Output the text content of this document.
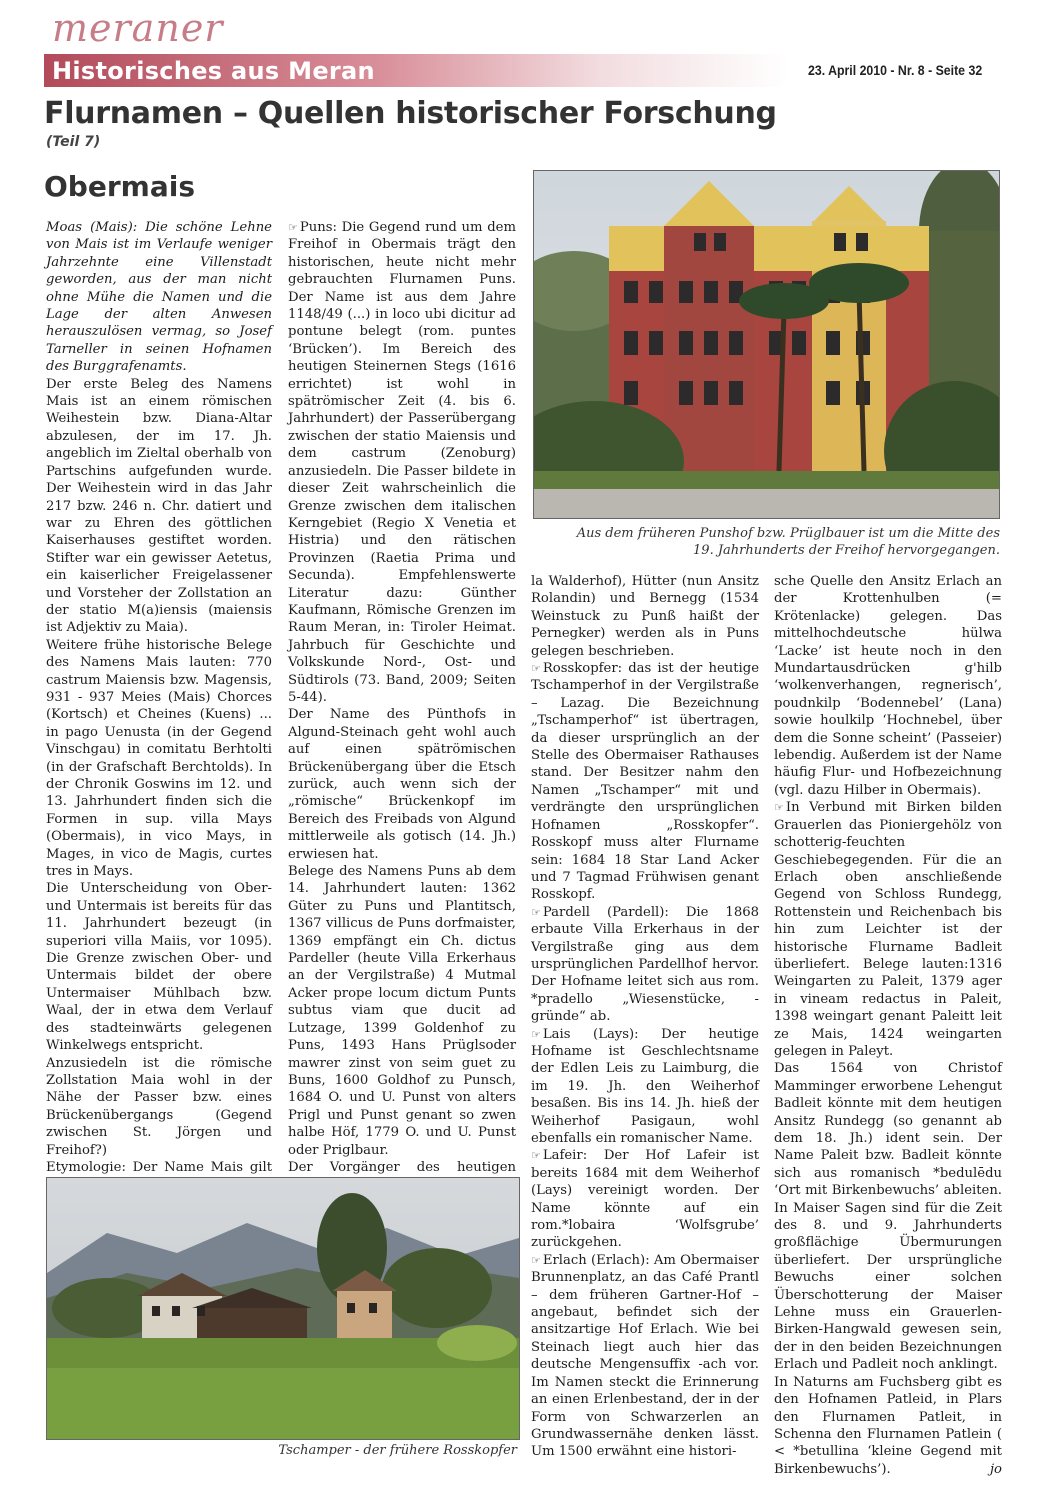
meraner
Historisches aus Meran	23. April 2010 - Nr. 8 - Seite 32
Flurnamen – Quellen historischer Forschung
(Teil 7)
Obermais

Moas (Mais): Die schöne Lehne von Mais ist im Verlaufe weniger Jahrzehnte eine Villenstadt geworden, aus der man nicht ohne Mühe die Namen und die Lage der alten Anwesen herauszulösen vermag, so Josef Tarneller in seinen Hofnamen des Burggrafenamts.

Der erste Beleg des Namens Mais ist an einem römischen Weihestein bzw. Diana-Altar abzulesen, der im 17. Jh. angeblich im Zieltal oberhalb von Partschins aufgefunden wurde. Der Weihestein wird in das Jahr 217 bzw. 246 n. Chr. datiert und war zu Ehren des göttlichen Kaiserhauses gestiftet worden. Stifter war ein gewisser Aetetus, ein kaiserlicher Freigelassener und Vorsteher der Zollstation an der statio M(a)iensis (maiensis ist Adjektiv zu Maia).

Weitere frühe historische Belege des Namens Mais lauten: 770 castrum Maiensis bzw. Magensis, 931 - 937 Meies (Mais) Chorces (Kortsch) et Cheines (Kuens) ... in pago Uenusta (in der Gegend Vinschgau) in comitatu Berhtolti (in der Grafschaft Berchtolds). In der Chronik Goswins im 12. und 13. Jahrhundert finden sich die Formen in sup. villa Mays (Obermais), in vico Mays, in Mages, in vico de Magis, curtes tres in Mays.

Die Unterscheidung von Ober- und Untermais ist bereits für das 11. Jahrhundert bezeugt (in superiori villa Maiis, vor 1095). Die Grenze zwischen Ober- und Untermais bildet der obere Untermaiser Mühlbach bzw. Waal, der in etwa dem Verlauf des stadteinwärts gelegenen Winkelwegs entspricht.

Anzusiedeln ist die römische Zollstation Maia wohl in der Nähe der Passer bzw. eines Brückenübergangs (Gegend zwischen St. Jörgen und Freihof?)

Etymologie: Der Name Mais gilt

☞ Puns: Die Gegend rund um dem Freihof in Obermais trägt den historischen, heute nicht mehr gebrauchten Flurnamen Puns. Der Name ist aus dem Jahre 1148/49 (...) in loco ubi dicitur ad pontune belegt (rom. puntes ‘Brücken’). Im Bereich des heutigen Steinernen Stegs (1616 errichtet) ist wohl in spätrömischer Zeit (4. bis 6. Jahrhundert) der Passerübergang zwischen der statio Maiensis und dem castrum (Zenoburg) anzusiedeln. Die Passer bildete in dieser Zeit wahrscheinlich die Grenze zwischen dem italischen Kerngebiet (Regio X Venetia et Histria) und den rätischen Provinzen (Raetia Prima und Secunda). Empfehlenswerte Literatur dazu: Günther Kaufmann, Römische Grenzen im Raum Meran, in: Tiroler Heimat. Jahrbuch für Geschichte und Volkskunde Nord-, Ost- und Südtirols (73. Band, 2009; Seiten 5-44).

Der Name des Pünthofs in Algund-Steinach geht wohl auch auf einen spätrömischen Brückenübergang über die Etsch zurück, auch wenn sich der „römische“ Brückenkopf im Bereich des Freibads von Algund mittlerweile als gotisch (14. Jh.) erwiesen hat.

Belege des Namens Puns ab dem 14. Jahrhundert lauten: 1362 Güter zu Puns und Plantitsch, 1367 villicus de Puns dorfmaister, 1369 empfängt ein Ch. dictus Pardeller (heute Villa Erkerhaus an der Vergilstraße) 4 Mutmal Acker prope locum dictum Punts subtus viam que ducit ad Lutzage, 1399 Goldenhof zu Puns, 1493 Hans Prüglsoder mawrer zinst von seim guet zu Buns, 1600 Goldhof zu Punsch, 1684 O. und U. Punst von alters Prigl und Punst genant so zwen halbe Höf, 1779 O. und U. Punst oder Priglbaur.

Der Vorgänger des heutigen

Aus dem früheren Punshof bzw. Prüglbauer ist um die Mitte des 19. Jahrhunderts der Freihof hervorgegangen.

la Walderhof), Hütter (nun Ansitz Rolandin) und Bernegg (1534 Weinstuck zu Punß haißt der Pernegker) werden als in Puns gelegen beschrieben.

☞ Rosskopfer: das ist der heutige Tschamperhof in der Vergilstraße – Lazag. Die Bezeichnung „Tschamperhof“ ist übertragen, da dieser ursprünglich an der Stelle des Obermaiser Rathauses stand. Der Besitzer nahm den Namen „Tschamper“ mit und verdrängte den ursprünglichen Hofnamen „Rosskopfer“. Rosskopf muss alter Flurname sein: 1684 18 Star Land Acker und 7 Tagmad Frühwisen genant Rosskopf.

☞ Pardell (Pardell): Die 1868 erbaute Villa Erkerhaus in der Vergilstraße ging aus dem ursprünglichen Pardellhof hervor. Der Hofname leitet sich aus rom. *pradello „Wiesenstücke, -gründe“ ab.

☞ Lais (Lays): Der heutige Hofname ist Geschlechtsname der Edlen Leis zu Laimburg, die im 19. Jh. den Weiherhof besaßen. Bis ins 14. Jh. hieß der Weiherhof Pasigaun, wohl ebenfalls ein romanischer Name.

☞ Lafeir: Der Hof Lafeir ist bereits 1684 mit dem Weiherhof (Lays) vereinigt worden. Der Name könnte auf ein rom.*lobaira ‘Wolfsgrube’ zurückgehen.

☞ Erlach (Erlach): Am Obermaiser Brunnenplatz, an das Café Prantl – dem früheren Gartner-Hof – angebaut, befindet sich der ansitzartige Hof Erlach. Wie bei Steinach liegt auch hier das deutsche Mengensuffix -ach vor. Im Namen steckt die Erinnerung an einen Erlenbestand, der in der Form von Schwarzerlen an Grundwassernähe denken lässt. Um 1500 erwähnt eine histori-

sche Quelle den Ansitz Erlach an der Krottenhulben (= Krötenlacke) gelegen. Das mittelhochdeutsche hülwa ‘Lacke’ ist heute noch in den Mundartausdrücken g'hilb ‘wolkenverhangen, regnerisch’, poudnkilp ‘Bodennebel’ (Lana) sowie houlkilp ‘Hochnebel, über dem die Sonne scheint’ (Passeier) lebendig. Außerdem ist der Name häufig Flur- und Hofbezeichnung (vgl. dazu Hilber in Obermais).

☞ In Verbund mit Birken bilden Grauerlen das Pioniergehölz von schotterig-feuchten Geschiebegegenden. Für die an Erlach oben anschließende Gegend von Schloss Rundegg, Rottenstein und Reichenbach bis hin zum Leichter ist der historische Flurname Badleit überliefert. Belege lauten:1316 Weingarten zu Paleit, 1379 ager in vineam redactus in Paleit, 1398 weingart genant Paleitt leit ze Mais, 1424 weingarten gelegen in Paleyt.

Das 1564 von Christof Mamminger erworbene Lehengut Badleit könnte mit dem heutigen Ansitz Rundegg (so genannt ab dem 18. Jh.) ident sein. Der Name Paleit bzw. Badleit könnte sich aus romanisch *bedulēdu ‘Ort mit Birkenbewuchs’ ableiten. In Maiser Sagen sind für die Zeit des 8. und 9. Jahrhunderts großflächige Übermurungen überliefert. Der ursprüngliche Bewuchs einer solchen Überschotterung der Maiser Lehne muss ein Grauerlen-Birken-Hangwald gewesen sein, der in den beiden Bezeichnungen Erlach und Padleit noch anklingt.

In Naturns am Fuchsberg gibt es den Hofnamen Patleid, in Plars den Flurnamen Patleit, in Schenna den Flurnamen Patlein ( < *betullina ‘kleine Gegend mit Birkenbewuchs’).	jo

Tschamper - der frühere Rosskopfer
